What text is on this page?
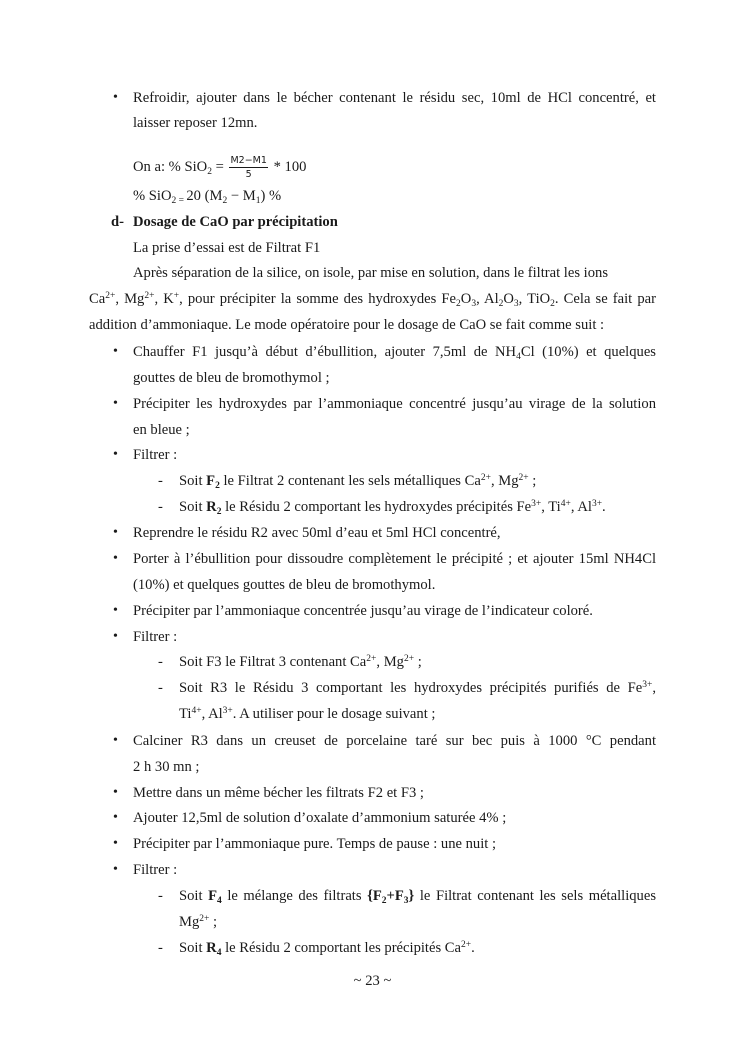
• Refroidir, ajouter dans le bécher contenant le résidu sec, 10ml de HCl concentré, et
laisser reposer 12mn.
On a: % $SiO_2 = \frac{M2-M1}{5} * 100$
% SiO$_2$ $_=$ 20 $(M_2 - M_1)$ %
d- Dosage de CaO par précipitation
La prise d’essai est de Filtrat F1
Après séparation de la silice, on isole, par mise en solution, dans le filtrat les ions
$Ca^{2+}$, $Mg^{2+}$, K+, pour précipiter la somme des hydroxydes $Fe_2O_3$, $Al_2O_3$, TiO$_2$. Cela se fait par
addition d’ammoniaque. Le mode opératoire pour le dosage de CaO se fait comme suit :
• Chauffer F1 jusqu’à début d’ébullition, ajouter 7,5ml de $NH_4Cl$ (10%) et quelques
gouttes de bleu de bromothymol ;
• Précipiter les hydroxydes par l’ammoniaque concentré jusqu’au virage de la solution
en bleue ;
• Filtrer :
- Soit $F_2$ le Filtrat 2 contenant les sels métalliques $Ca^{2+}$, $Mg^{2+}$ ;
- Soit $R_2$ le Résidu 2 comportant les hydroxydes précipités $Fe^{3+}$, $Ti^{4+}$, $Al^{3+}$.
• Reprendre le résidu R2 avec 50ml d’eau et 5ml HCl concentré,
• Porter à l’ébullition pour dissoudre complètement le précipité ; et ajouter 15ml NH4Cl
(10%) et quelques gouttes de bleu de bromothymol.
• Précipiter par l’ammoniaque concentrée jusqu’au virage de l’indicateur coloré.
• Filtrer :
- Soit F3 le Filtrat 3 contenant $Ca^{2+}$, $Mg^{2+}$ ;
- Soit R3 le Résidu 3 comportant les hydroxydes précipités purifiés de $Fe^{3+}$,
$Ti^{4+}$, $Al^{3+}$. A utiliser pour le dosage suivant ;
• Calciner R3 dans un creuset de porcelaine taré sur bec puis à 1000 °C pendant
2 h 30 mn ;
• Mettre dans un même bécher les filtrats F2 et F3 ;
• Ajouter 12,5ml de solution d’oxalate d’ammonium saturée 4% ;
• Précipiter par l’ammoniaque pure. Temps de pause : une nuit ;
• Filtrer :
- Soit $F_4$ le mélange des filtrats $\{F_2+F_3\}$ le Filtrat contenant les sels métalliques
$Mg^{2+}$ ;
- Soit $R_4$ le Résidu 2 comportant les précipités $Ca^{2+}$.
~ 23 ~
